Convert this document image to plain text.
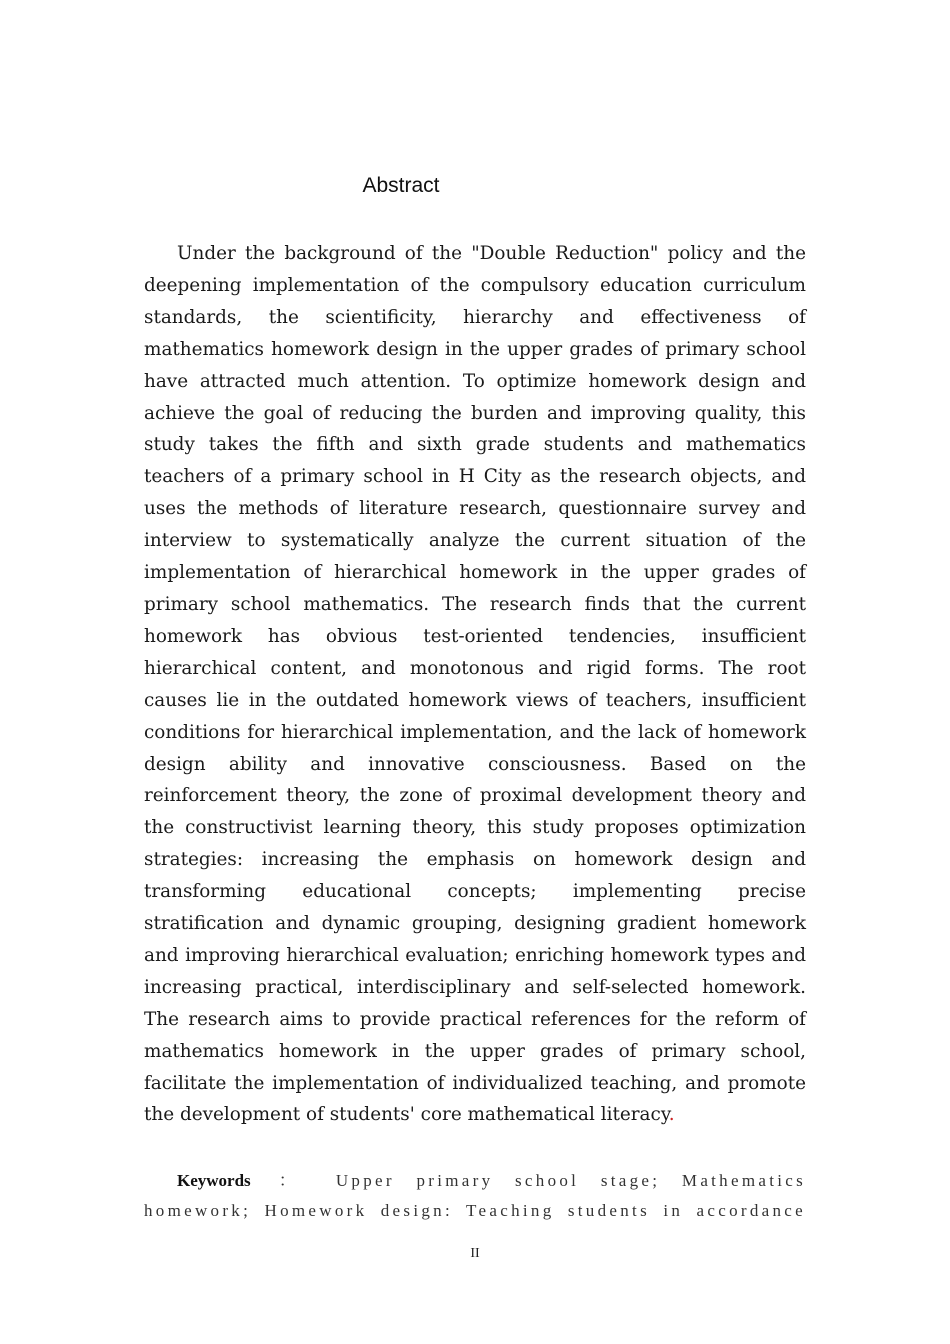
Abstract

Under the background of the "Double Reduction" policy and the deepening implementation of the compulsory education curriculum standards, the scientificity, hierarchy and effectiveness of mathematics homework design in the upper grades of primary school have attracted much attention. To optimize homework design and achieve the goal of reducing the burden and improving quality, this study takes the fifth and sixth grade students and mathematics teachers of a primary school in H City as the research objects, and uses the methods of literature research, questionnaire survey and interview to systematically analyze the current situation of the implementation of hierarchical homework in the upper grades of primary school mathematics. The research finds that the current homework has obvious test-oriented tendencies, insufficient hierarchical content, and monotonous and rigid forms. The root causes lie in the outdated homework views of teachers, insufficient conditions for hierarchical implementation, and the lack of homework design ability and innovative consciousness. Based on the reinforcement theory, the zone of proximal development theory and the constructivist learning theory, this study proposes optimization strategies: increasing the emphasis on homework design and transforming educational concepts; implementing precise stratification and dynamic grouping, designing gradient homework and improving hierarchical evaluation; enriching homework types and increasing practical, interdisciplinary and self-selected homework. The research aims to provide practical references for the reform of mathematics homework in the upper grades of primary school, facilitate the implementation of individualized teaching, and promote the development of students' core mathematical literacy.

Keywords ： Upper primary school stage; Mathematics homework; Homework design: Teaching students in accordance

II
